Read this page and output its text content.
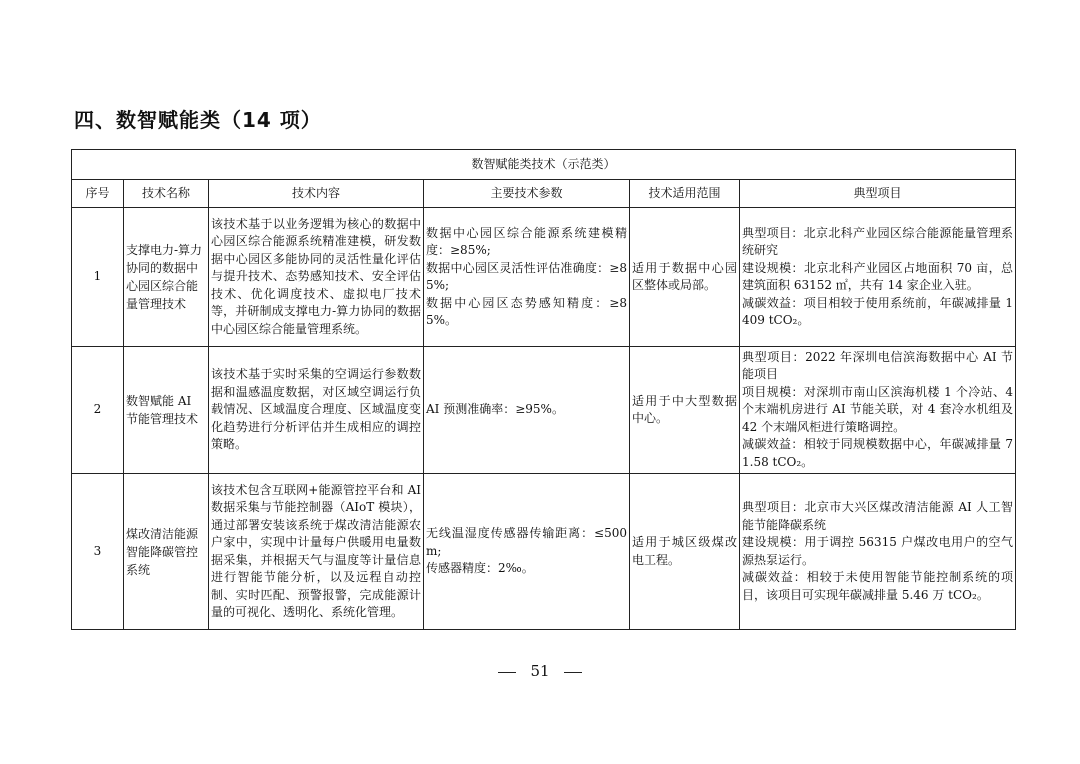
四、数智赋能类（14 项）
数智赋能类技术（示范类）					
序号	技术名称	技术内容	主要技术参数	技术适用范围	典型项目
1	支撑电力-算力协同的数据中心园区综合能量管理技术	该技术基于以业务逻辑为核心的数据中心园区综合能源系统精准建模，研发数据中心园区多能协同的灵活性量化评估与提升技术、态势感知技术、安全评估技术、优化调度技术、虚拟电厂技术等，并研制成支撑电力-算力协同的数据中心园区综合能量管理系统。	数据中心园区综合能源系统建模精度：≥85%;
数据中心园区灵活性评估准确度：≥85%;
数据中心园区态势感知精度：≥85%。	适用于数据中心园区整体或局部。	典型项目：北京北科产业园区综合能源能量管理系统研究
建设规模：北京北科产业园区占地面积 70 亩，总建筑面积 63152 ㎡，共有 14 家企业入驻。
减碳效益：项目相较于使用系统前，年碳减排量 1409 tCO₂。
2	数智赋能 AI 节能管理技术	该技术基于实时采集的空调运行参数数据和温感温度数据，对区域空调运行负载情况、区域温度合理度、区域温度变化趋势进行分析评估并生成相应的调控策略。	AI 预测准确率：≥95%。	适用于中大型数据中心。	典型项目：2022 年深圳电信滨海数据中心 AI 节能项目
项目规模：对深圳市南山区滨海机楼 1 个冷站、4 个末端机房进行 AI 节能关联，对 4 套冷水机组及 42 个末端风柜进行策略调控。
减碳效益：相较于同规模数据中心，年碳减排量 71.58 tCO₂。
3	煤改清洁能源智能降碳管控系统	该技术包含互联网+能源管控平台和 AI 数据采集与节能控制器（AIoT 模块），通过部署安装该系统于煤改清洁能源农户家中，实现中计量每户供暖用电量数据采集，并根据天气与温度等计量信息进行智能节能分析，以及远程自动控制、实时匹配、预警报警，完成能源计量的可视化、透明化、系统化管理。	无线温湿度传感器传输距离：≤500 m;
传感器精度：2‰。	适用于城区级煤改电工程。	典型项目：北京市大兴区煤改清洁能源 AI 人工智能节能降碳系统
建设规模：用于调控 56315 户煤改电用户的空气源热泵运行。
减碳效益：相较于未使用智能节能控制系统的项目，该项目可实现年碳减排量 5.46 万 tCO₂。
51
